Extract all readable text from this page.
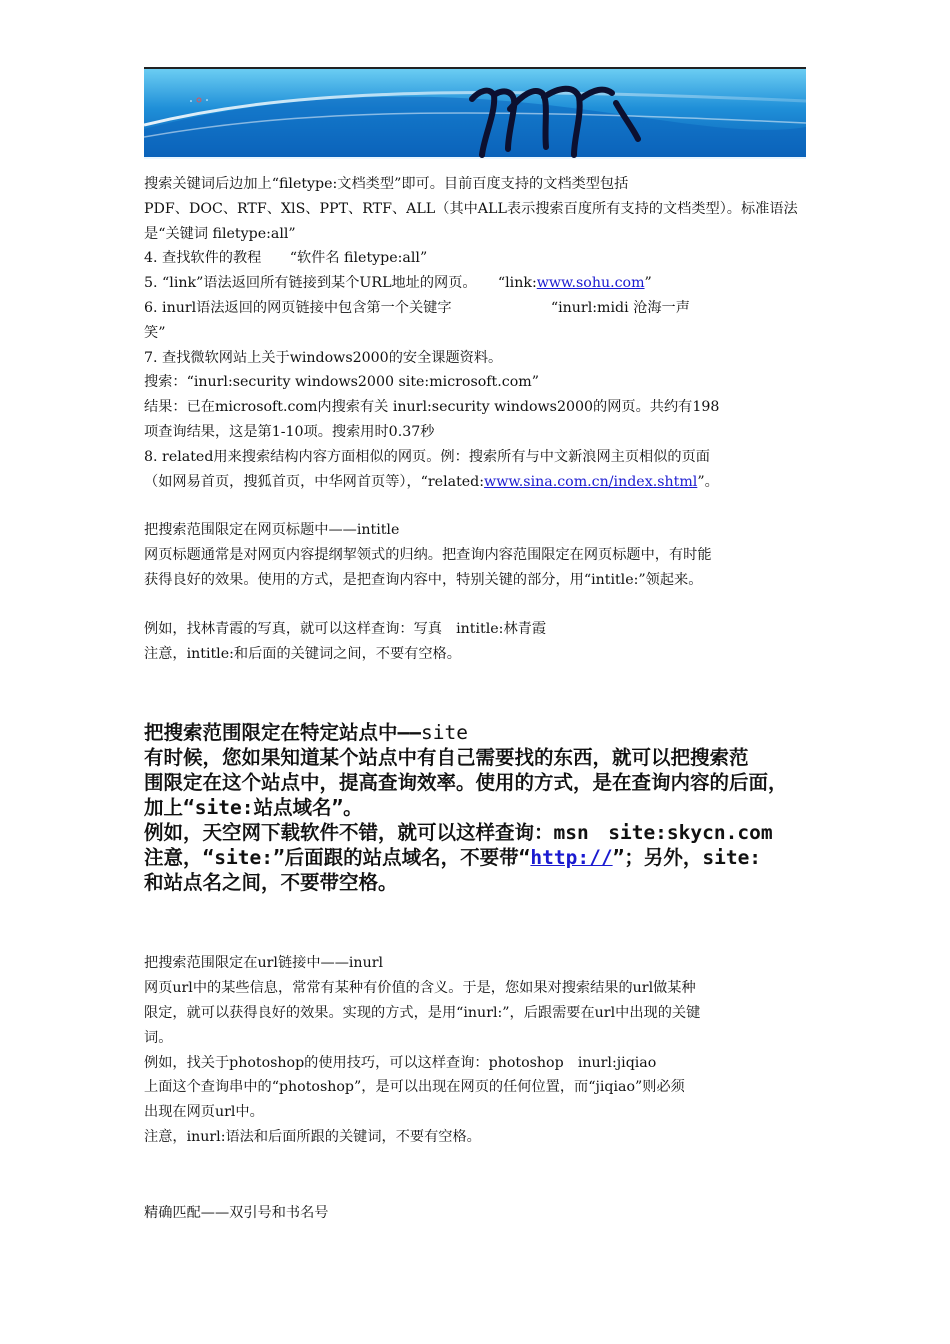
搜索关键词后边加上“filetype:文档类型”即可。目前百度支持的文档类型包括

PDF、DOC、RTF、XlS、PPT、RTF、ALL（其中ALL表示搜索百度所有支持的文档类型）。标准语法

是“关键词 filetype:all”

4. 查找软件的教程　　“软件名 filetype:all”

5. “link”语法返回所有链接到某个URL地址的网页。　　“link:www.sohu.com”

6. inurl语法返回的网页链接中包含第一个关键字　　　　　　　“inurl:midi 沧海一声

笑”

7. 查找微软网站上关于windows2000的安全课题资料。

搜索：“inurl:security windows2000 site:microsoft.com”

结果：已在microsoft.com内搜索有关 inurl:security windows2000的网页。共约有198

项查询结果，这是第1-10项。搜索用时0.37秒

8. related用来搜索结构内容方面相似的网页。例：搜索所有与中文新浪网主页相似的页面

（如网易首页，搜狐首页，中华网首页等），“related:www.sina.com.cn/index.shtml”。

把搜索范围限定在网页标题中——intitle

网页标题通常是对网页内容提纲挈领式的归纳。把查询内容范围限定在网页标题中，有时能

获得良好的效果。使用的方式，是把查询内容中，特别关键的部分，用“intitle:”领起来。

例如，找林青霞的写真，就可以这样查询：写真　intitle:林青霞

注意，intitle:和后面的关键词之间，不要有空格。

把搜索范围限定在特定站点中——site

有时候，您如果知道某个站点中有自己需要找的东西，就可以把搜索范

围限定在这个站点中，提高查询效率。使用的方式，是在查询内容的后面，

加上“site:站点域名”。

例如，天空网下载软件不错，就可以这样查询：msn　site:skycn.com

注意，“site:”后面跟的站点域名，不要带“http://”；另外，site:

和站点名之间，不要带空格。

把搜索范围限定在url链接中——inurl

网页url中的某些信息，常常有某种有价值的含义。于是，您如果对搜索结果的url做某种

限定，就可以获得良好的效果。实现的方式，是用“inurl:”，后跟需要在url中出现的关键

词。

例如，找关于photoshop的使用技巧，可以这样查询：photoshop　inurl:jiqiao

上面这个查询串中的“photoshop”，是可以出现在网页的任何位置，而“jiqiao”则必须

出现在网页url中。

注意，inurl:语法和后面所跟的关键词，不要有空格。

精确匹配——双引号和书名号
